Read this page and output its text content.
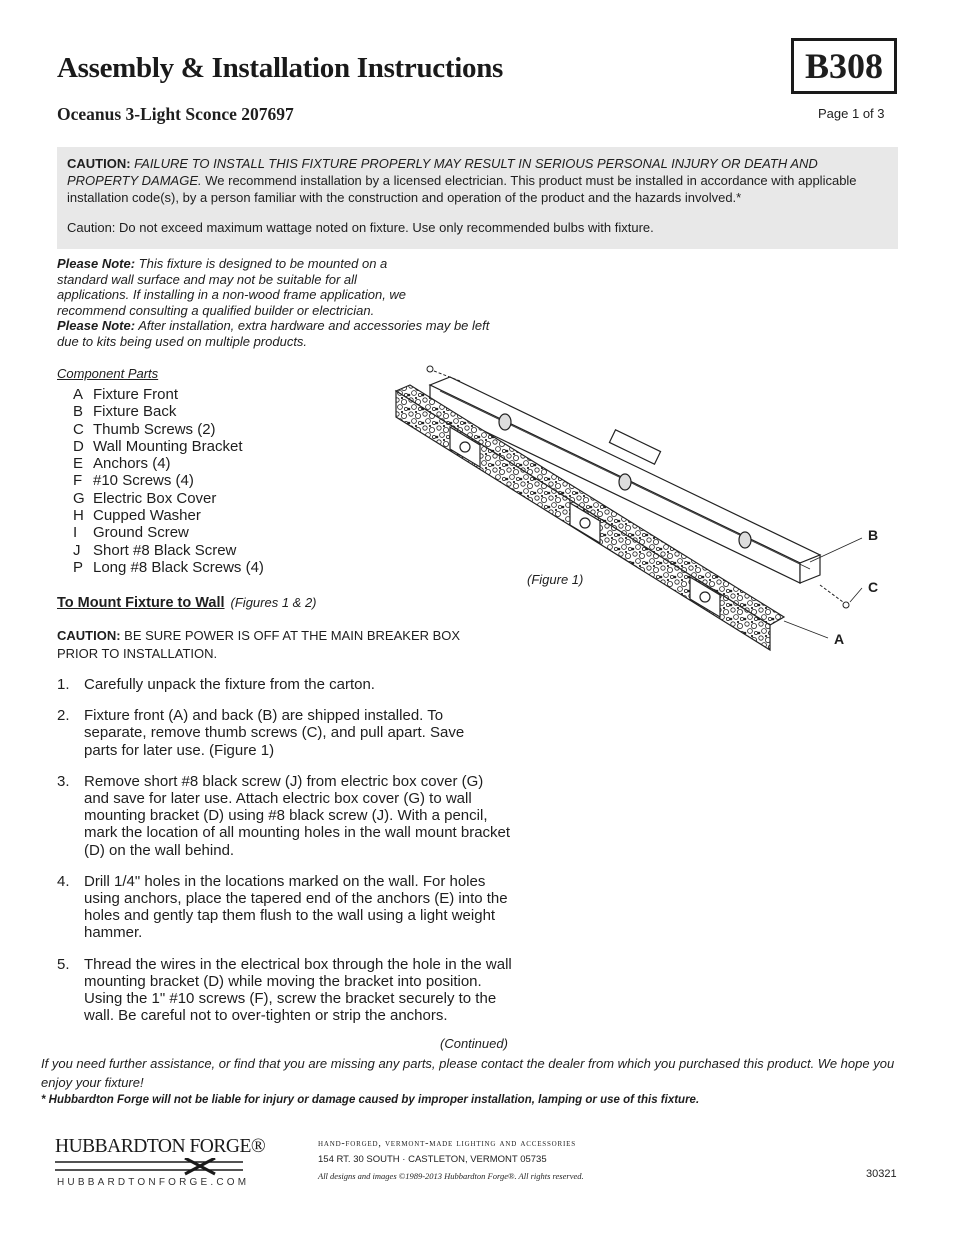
Assembly & Installation Instructions	B308
Oceanus 3-Light Sconce 207697	Page 1 of 3

CAUTION: FAILURE TO INSTALL THIS FIXTURE PROPERLY MAY RESULT IN SERIOUS PERSONAL INJURY OR DEATH AND PROPERTY DAMAGE. We recommend installation by a licensed electrician. This product must be installed in accordance with applicable installation code(s), by a person familiar with the construction and operation of the product and the hazards involved.*

Caution: Do not exceed maximum wattage noted on fixture. Use only recommended bulbs with fixture.

Please Note: This fixture is designed to be mounted on a standard wall surface and may not be suitable for all applications. If installing in a non-wood frame application, we recommend consulting a qualified builder or electrician.
Please Note: After installation, extra hardware and accessories may be left due to kits being used on multiple products.
Component Parts
A Fixture Front
B Fixture Back
C Thumb Screws (2)
D Wall Mounting Bracket
E Anchors (4)
F #10 Screws (4)
G Electric Box Cover
H Cupped Washer
I Ground Screw
J Short #8 Black Screw
P Long #8 Black Screws (4)
(Figure 1)
B
C
A
To Mount Fixture to Wall (Figures 1 & 2)
CAUTION: BE SURE POWER IS OFF AT THE MAIN BREAKER BOX PRIOR TO INSTALLATION.
1. Carefully unpack the fixture from the carton.
2. Fixture front (A) and back (B) are shipped installed. To separate, remove thumb screws (C), and pull apart. Save parts for later use. (Figure 1)
3. Remove short #8 black screw (J) from electric box cover (G) and save for later use. Attach electric box cover (G) to wall mounting bracket (D) using #8 black screw (J). With a pencil, mark the location of all mounting holes in the wall mount bracket (D) on the wall behind.
4. Drill 1/4" holes in the locations marked on the wall. For holes using anchors, place the tapered end of the anchors (E) into the holes and gently tap them flush to the wall using a light weight hammer.
5. Thread the wires in the electrical box through the hole in the wall mounting bracket (D) while moving the bracket into position. Using the 1" #10 screws (F), screw the bracket securely to the wall. Be careful not to over-tighten or strip the anchors.
(Continued)
If you need further assistance, or find that you are missing any parts, please contact the dealer from which you purchased this product. We hope you enjoy your fixture!
* Hubbardton Forge will not be liable for injury or damage caused by improper installation, lamping or use of this fixture.
HUBBARDTON FORGE®
HUBBARDTONFORGE.COM
hand-forged, vermont-made lighting and accessories
154 RT. 30 SOUTH · CASTLETON, VERMONT 05735
All designs and images ©1989-2013 Hubbardton Forge®. All rights reserved.	30321
